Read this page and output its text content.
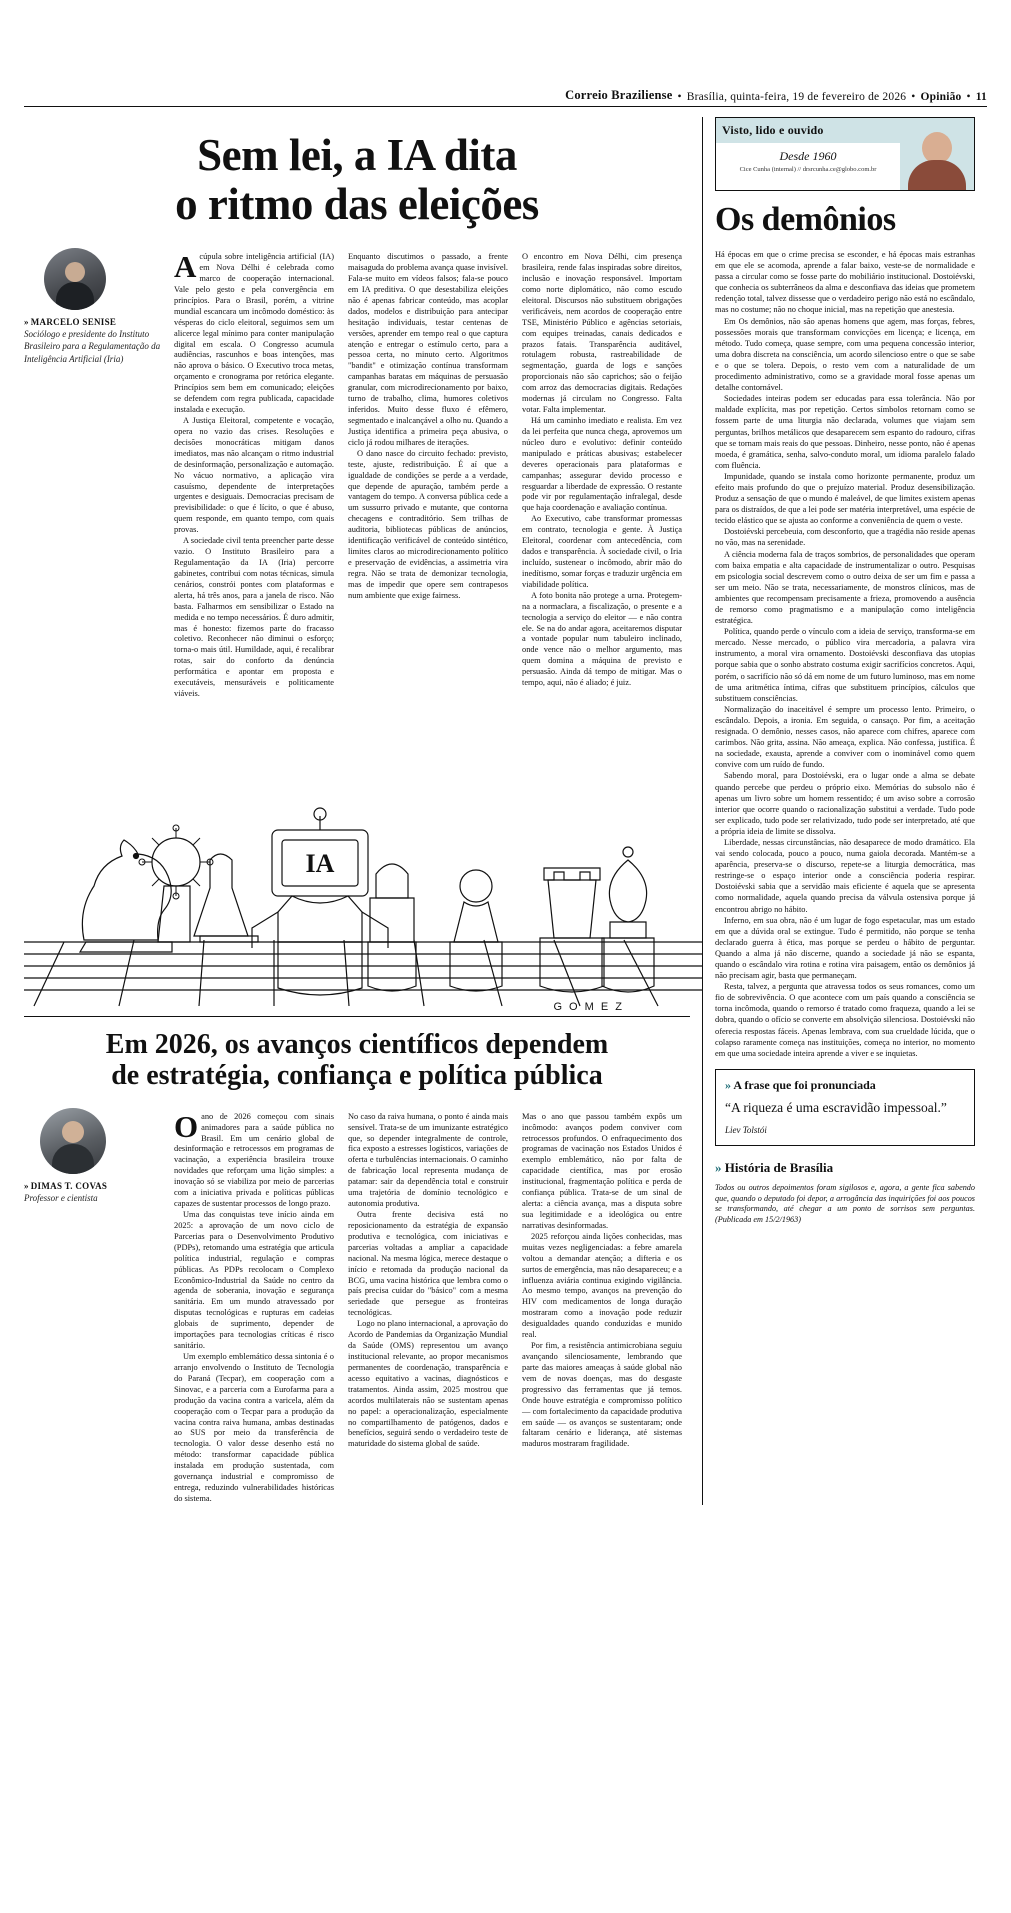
Correio Braziliense • Brasília, quinta-feira, 19 de fevereiro de 2026 • Opinião • 11
Sem lei, a IA dita
o ritmo das eleições
» MARCELO SENISE
Sociólogo e presidente do Instituto Brasileiro para a Regulamentação da Inteligência Artificial (Iria)

Acúpula sobre inteligência artificial (IA) em Nova Délhi é celebrada como marco de cooperação internacional. Vale pelo gesto e pela convergência em princípios. Para o Brasil, porém, a vitrine mundial escancara um incômodo doméstico: às vésperas do ciclo eleitoral, seguimos sem um alicerce legal mínimo para conter manipulação digital em escala. O Congresso acumula audiências, rascunhos e boas intenções, mas não aprova o básico. O Executivo troca metas, orçamento e cronograma por retórica elegante. Princípios sem bem em comunicado; eleições se defendem com regra publicada, capacidade instalada e execução.

A Justiça Eleitoral, competente e vocação, opera no vazio das crises. Resoluções e decisões monocráticas mitigam danos imediatos, mas não alcançam o ritmo industrial de desinformação, personalização e automação. No vácuo normativo, a aplicação vira casuísmo, dependente de interpretações urgentes e desiguais. Democracias precisam de previsibilidade: o que é lícito, o que é abuso, quem responde, em quanto tempo, com quais provas.

A sociedade civil tenta preencher parte desse vazio. O Instituto Brasileiro para a Regulamentação da IA (Iria) percorre gabinetes, contribui com notas técnicas, simula cenários, constrói pontes com plataformas e alerta, há três anos, para a janela de risco. Não basta. Falharmos em sensibilizar o Estado na medida e no tempo necessários. É duro admitir, mas é honesto: fizemos parte do fracasso coletivo. Reconhecer não diminui o esforço; torna-o mais útil. Humildade, aqui, é recalibrar rotas, sair do conforto da denúncia performática e apontar em proposta e executáveis, mensuráveis e politicamente viáveis.

Enquanto discutimos o passado, a frente maisaguda do problema avança quase invisível. Fala-se muito em vídeos falsos; fala-se pouco em IA preditiva. O que desestabiliza eleições não é apenas fabricar conteúdo, mas acoplar dados, modelos e distribuição para antecipar hesitação individuais, testar centenas de versões, aprender em tempo real o que captura atenção e entregar o estímulo certo, para a pessoa certa, no minuto certo. Algoritmos "bandit" e otimização contínua transformam campanhas baratas em máquinas de persuasão granular, com microdirecionamento por baixo, turno de trabalho, clima, humores coletivos inferidos. Muito desse fluxo é efêmero, segmentado e inalcançável a olho nu. Quando a Justiça identifica a primeira peça abusiva, o ciclo já rodou milhares de iterações.

O dano nasce do circuito fechado: previsto, teste, ajuste, redistribuição. É aí que a igualdade de condições se perde a a verdade, que depende de apuração, também perde a vantagem do tempo. A conversa pública cede a um sussurro privado e mutante, que contorna checagens e contraditório. Sem trilhas de auditoria, bibliotecas públicas de anúncios, identificação verificável de conteúdo sintético, limites claros ao microdirecionamento político e preservação de evidências, a assimetria vira regra. Não se trata de demonizar tecnologia, mas de impedir que opere sem contrapesos num ambiente que exige fairness.

O encontro em Nova Délhi, cim presença brasileira, rende falas inspiradas sobre direitos, inclusão e inovação responsável. Importam como norte diplomático, não como escudo eleitoral. Discursos não substituem obrigações verificáveis, nem acordos de cooperação entre TSE, Ministério Público e agências setoriais, com equipes treinadas, canais dedicados e prazos fatais. Transparência auditável, rotulagem robusta, rastreabilidade de segmentação, guarda de logs e sanções proporcionais não são caprichos; são o feijão com arroz das democracias digitais. Redações modernas já circulam no Congresso. Falta votar. Falta implementar.

Há um caminho imediato e realista. Em vez da lei perfeita que nunca chega, aprovemos um núcleo duro e evolutivo: definir conteúdo manipulado e práticas abusivas; estabelecer deveres operacionais para plataformas e campanhas; assegurar devido processo e resguardar a liberdade de expressão. O restante pode vir por regulamentação infralegal, desde que haja coordenação e avaliação contínua.

Ao Executivo, cabe transformar promessas em contrato, tecnologia e gente. À Justiça Eleitoral, coordenar com antecedência, com dados e transparência. À sociedade civil, o Iria incluído, sustenear o incômodo, abrir mão do inedítismo, somar forças e traduzir urgência em viabilidade política.

A foto bonita não protege a urna. Protegem-na a normaclara, a fiscalização, o presente e a tecnologia a serviço do eleitor — e não contra ele. Se na do andar agora, aceitaremos disputar a vontade popular num tabuleiro inclinado, onde vence não o melhor argumento, mas quem domina a máquina de previsto e persuasão. Ainda dá tempo de mitigar. Mas o tempo, aqui, não é aliado; é juiz.

IA
G O M E Z
Em 2026, os avanços científicos dependem
de estratégia, confiança e política pública
» DIMAS T. COVAS
Professor e cientista

Oano de 2026 começou com sinais animadores para a saúde pública no Brasil. Em um cenário global de desinformação e retrocessos em programas de vacinação, a experiência brasileira trouxe novidades que reforçam uma lição simples: a inovação só se viabiliza por meio de parcerias com a iniciativa privada e políticas públicas capazes de sustentar processos de longo prazo.

Uma das conquistas teve início ainda em 2025: a aprovação de um novo ciclo de Parcerias para o Desenvolvimento Produtivo (PDPs), retomando uma estratégia que articula política industrial, regulação e compras públicas. As PDPs recolocam o Complexo Econômico-Industrial da Saúde no centro da agenda de soberania, inovação e segurança sanitária. Em um mundo atravessado por disputas tecnológicas e rupturas em cadeias globais de suprimento, depender de importações para tecnologias críticas é risco sanitário.

Um exemplo emblemático dessa sintonia é o arranjo envolvendo o Instituto de Tecnologia do Paraná (Tecpar), em cooperação com a Sinovac, e a parceria com a Eurofarma para a produção da vacina contra a varicela, além da cooperação com o Tecpar para a produção da vacina contra raiva humana, ambas destinadas ao SUS por meio da transferência de tecnologia. O valor desse desenho está no método: transformar capacidade pública instalada em produção sustentada, com governança industrial e compromisso de entrega, reduzindo vulnerabilidades históricas do sistema.

No caso da raiva humana, o ponto é ainda mais sensível. Trata-se de um imunizante estratégico que, so depender integralmente de controle, fica exposto a estresses logísticos, variações de oferta e turbulências internacionais. O caminho de fabricação local representa mudança de patamar: sair da dependência total e construir uma trajetória de domínio tecnológico e autonomia produtiva.

Outra frente decisiva está no reposicionamento da estratégia de expansão produtiva e tecnológica, com iniciativas e parcerias voltadas a ampliar a capacidade nacional. Na mesma lógica, merece destaque o início e retomada da produção nacional da BCG, uma vacina histórica que lembra como o país precisa cuidar do "básico" com a mesma seriedade que persegue as fronteiras tecnológicas.

Logo no plano internacional, a aprovação do Acordo de Pandemias da Organização Mundial da Saúde (OMS) representou um avanço institucional relevante, ao propor mecanismos permanentes de coordenação, transparência e acesso equitativo a vacinas, diagnósticos e tratamentos. Ainda assim, 2025 mostrou que acordos multilaterais não se sustentam apenas no papel: a operacionalização, especialmente no compartilhamento de patógenos, dados e benefícios, seguirá sendo o verdadeiro teste de maturidade do sistema global de saúde.

Mas o ano que passou também expôs um incômodo: avanços podem conviver com retrocessos profundos. O enfraquecimento dos programas de vacinação nos Estados Unidos é exemplo emblemático, não por falta de capacidade científica, mas por erosão institucional, fragmentação política e perda de confiança pública. Trata-se de um sinal de alerta: a ciência avança, mas a disputa sobre sua legitimidade e a ideológica ou entre narrativas desinformadas.

2025 reforçou ainda lições conhecidas, mas muitas vezes negligenciadas: a febre amarela voltou a demandar atenção; a difteria e os surtos de emergência, mas não desapareceu; e a influenza aviária continua exigindo vigilância. Ao mesmo tempo, avanços na prevenção do HIV com medicamentos de longa duração mostraram como a inovação pode reduzir desigualdades quando conduzidas e munido real.

Por fim, a resistência antimicrobiana seguiu avançando silenciosamente, lembrando que parte das maiores ameaças à saúde global não vem de novas doenças, mas do desgaste progressivo das ferramentas que já temos. Onde houve estratégia e compromisso político — com fortalecimento da capacidade produtiva em saúde — os avanços se sustentaram; onde faltaram cenário e liderança, até sistemas maduros mostraram fragilidade.

Visto, lido e ouvido
Desde 1960
Cice Cunha (internal) // drsrcunha.ce@globo.com.br
Os demônios

Há épocas em que o crime precisa se esconder, e há épocas mais estranhas em que ele se acomoda, aprende a falar baixo, veste-se de normalidade e passa a circular como se fosse parte do mobiliário institucional. Dostoiévski, que conhecia os subterrâneos da alma e desconfiava das ideias que prometem redenção total, talvez dissesse que o verdadeiro perigo não está no escândalo, mas no costume; não no choque inicial, mas na repetição que anestesia.

Em Os demônios, não são apenas homens que agem, mas forças, febres, possessões morais que transformam convicções em licença; e licença, em método. Tudo começa, quase sempre, com uma pequena concessão interior, uma dobra discreta na consciência, um acordo silencioso entre o que se sabe e o que se tolera. Depois, o resto vem com a naturalidade de um procedimento administrativo, como se a gravidade moral fosse apenas um detalhe contornável.

Sociedades inteiras podem ser educadas para essa tolerância. Não por maldade explícita, mas por repetição. Certos símbolos retornam como se fossem parte de uma liturgia não declarada, volumes que viajam sem perguntas, brilhos metálicos que desaparecem sem espanto do radouro, cifras que se tornam mais reais do que pessoas. Dinheiro, nesse ponto, não é apenas moeda, é gramática, senha, salvo-conduto moral, um idioma paralelo falado com fluência.

Impunidade, quando se instala como horizonte permanente, produz um efeito mais profundo do que o prejuízo material. Produz desensibilização. Produz a sensação de que o mundo é maleável, de que limites existem apenas para os distraídos, de que a lei pode ser matéria interpretável, uma espécie de tecido elástico que se ajusta ao conforme a conveniência de quem o veste.

Dostoiévski percebeuia, com desconforto, que a tragédia não reside apenas no vão, mas na serenidade.

A ciência moderna fala de traços sombrios, de personalidades que operam com baixa empatia e alta capacidade de instrumentalizar o outro. Pesquisas em psicologia social descrevem como o outro deixa de ser um fim e passa a ser um meio. Não se trata, necessariamente, de monstros clínicos, mas de ambientes que recompensam precisamente a frieza, promovendo a ausência de remorso como pragmatismo e a manipulação como inteligência estratégica.

Política, quando perde o vínculo com a ideia de serviço, transforma-se em mercado. Nesse mercado, o público vira mercadoria, a palavra vira instrumento, a moral vira ornamento. Dostoiévski desconfiava das utopias porque sabia que o sonho abstrato costuma exigir sacrifícios concretos. Aqui, porém, o sacrifício não só dá em nome de um futuro luminoso, mas em nome de uma aritmética íntima, cifras que substituem princípios, cálculos que substituem consciências.

Normalização do inaceitável é sempre um processo lento. Primeiro, o escândalo. Depois, a ironia. Em seguida, o cansaço. Por fim, a aceitação resignada. O demônio, nesses casos, não aparece com chifres, aparece com carimbos. Não grita, assina. Não ameaça, explica. Não confessa, justifica. É na sociedade, exausta, aprende a conviver com o inominável como quem convive com um ruído de fundo.

Sabendo moral, para Dostoiévski, era o lugar onde a alma se debate quando percebe que perdeu o próprio eixo. Memórias do subsolo não é apenas um livro sobre um homem ressentido; é um aviso sobre a corrosão interior que ocorre quando o racionalização substitui a verdade. Tudo pode ser explicado, tudo pode ser relativizado, tudo pode ser interpretado, até que a própria ideia de limite se dissolva.

Liberdade, nessas circunstâncias, não desaparece de modo dramático. Ela vai sendo colocada, pouco a pouco, numa gaiola decorada. Mantém-se a aparência, preserva-se o discurso, repete-se a liturgia democrática, mas restringe-se o espaço interior onde a consciência poderia respirar. Dostoiévski sabia que a servidão mais eficiente é aquela que se apresenta como normalidade, aquela quando precisa da válvula ostensiva porque já encontrou abrigo no hábito.

Inferno, em sua obra, não é um lugar de fogo espetacular, mas um estado em que a dúvida oral se extingue. Tudo é permitido, não porque se tenha declarado guerra à ética, mas porque se perdeu o hábito de perguntar. Quando a alma já não discerne, quando a sociedade já não se espanta, quando o escândalo vira rotina e rotina vira paisagem, então os demônios já não precisam agir, basta que permaneçam.

Resta, talvez, a pergunta que atravessa todos os seus romances, como um fio de sobrevivência. O que acontece com um país quando a consciência se torna incômoda, quando o remorso é tratado como fraqueza, quando a lei se dobra, quando o ofício se converte em absolvição silenciosa. Dostoiévski não oferecia respostas fáceis. Apenas lembrava, com sua crueldade lúcida, que o colapso raramente começa nas instituições, começa no interior, no momento em que uma sociedade inteira aprende a viver e se inquietas.

» A frase que foi pronunciada
“A riqueza é uma escravidão impessoal.”
Liev Tolstói
» História de Brasília
Todos ou outros depoimentos foram sigilosos e, agora, a gente fica sabendo que, quando o deputado foi depor, a arrogância das inquirições foi aos poucos se transformando, até chegar a um ponto de sorrisos sem perguntas. (Publicada em 15/2/1963)
